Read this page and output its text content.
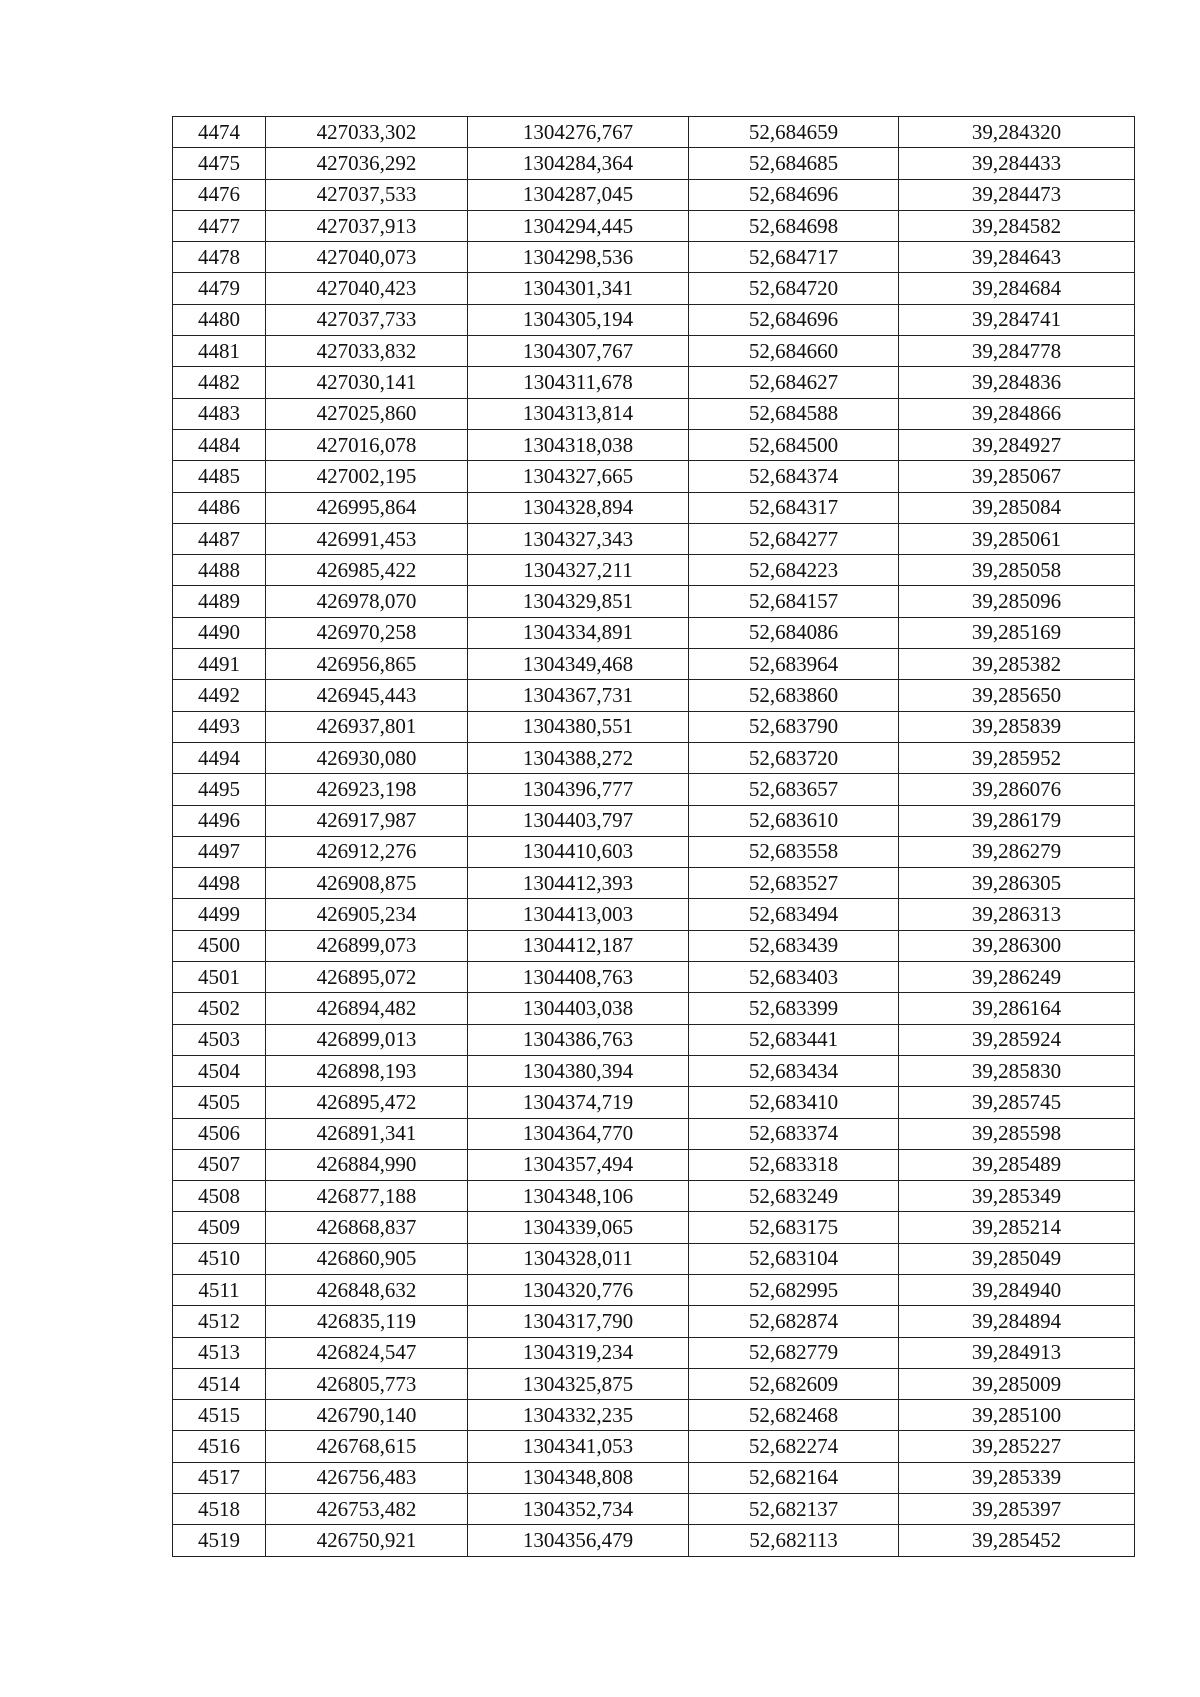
4474	427033,302	1304276,767	52,684659	39,284320
4475	427036,292	1304284,364	52,684685	39,284433
4476	427037,533	1304287,045	52,684696	39,284473
4477	427037,913	1304294,445	52,684698	39,284582
4478	427040,073	1304298,536	52,684717	39,284643
4479	427040,423	1304301,341	52,684720	39,284684
4480	427037,733	1304305,194	52,684696	39,284741
4481	427033,832	1304307,767	52,684660	39,284778
4482	427030,141	1304311,678	52,684627	39,284836
4483	427025,860	1304313,814	52,684588	39,284866
4484	427016,078	1304318,038	52,684500	39,284927
4485	427002,195	1304327,665	52,684374	39,285067
4486	426995,864	1304328,894	52,684317	39,285084
4487	426991,453	1304327,343	52,684277	39,285061
4488	426985,422	1304327,211	52,684223	39,285058
4489	426978,070	1304329,851	52,684157	39,285096
4490	426970,258	1304334,891	52,684086	39,285169
4491	426956,865	1304349,468	52,683964	39,285382
4492	426945,443	1304367,731	52,683860	39,285650
4493	426937,801	1304380,551	52,683790	39,285839
4494	426930,080	1304388,272	52,683720	39,285952
4495	426923,198	1304396,777	52,683657	39,286076
4496	426917,987	1304403,797	52,683610	39,286179
4497	426912,276	1304410,603	52,683558	39,286279
4498	426908,875	1304412,393	52,683527	39,286305
4499	426905,234	1304413,003	52,683494	39,286313
4500	426899,073	1304412,187	52,683439	39,286300
4501	426895,072	1304408,763	52,683403	39,286249
4502	426894,482	1304403,038	52,683399	39,286164
4503	426899,013	1304386,763	52,683441	39,285924
4504	426898,193	1304380,394	52,683434	39,285830
4505	426895,472	1304374,719	52,683410	39,285745
4506	426891,341	1304364,770	52,683374	39,285598
4507	426884,990	1304357,494	52,683318	39,285489
4508	426877,188	1304348,106	52,683249	39,285349
4509	426868,837	1304339,065	52,683175	39,285214
4510	426860,905	1304328,011	52,683104	39,285049
4511	426848,632	1304320,776	52,682995	39,284940
4512	426835,119	1304317,790	52,682874	39,284894
4513	426824,547	1304319,234	52,682779	39,284913
4514	426805,773	1304325,875	52,682609	39,285009
4515	426790,140	1304332,235	52,682468	39,285100
4516	426768,615	1304341,053	52,682274	39,285227
4517	426756,483	1304348,808	52,682164	39,285339
4518	426753,482	1304352,734	52,682137	39,285397
4519	426750,921	1304356,479	52,682113	39,285452
